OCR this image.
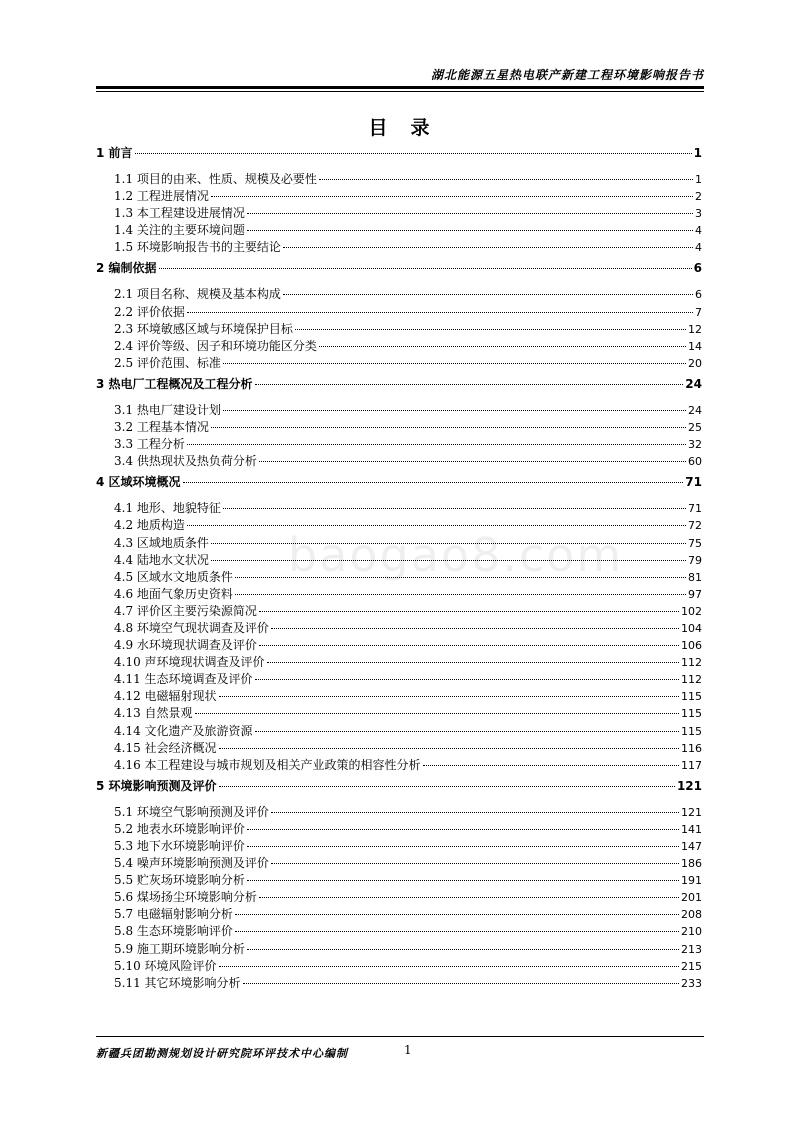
湖北能源五星热电联产新建工程环境影响报告书
目　录
baogao8.com
1 前言	1
1.1 项目的由来、性质、规模及必要性	1
1.2 工程进展情况	2
1.3 本工程建设进展情况	3
1.4 关注的主要环境问题	4
1.5 环境影响报告书的主要结论	4
2 编制依据	6
2.1 项目名称、规模及基本构成	6
2.2 评价依据	7
2.3 环境敏感区域与环境保护目标	12
2.4 评价等级、因子和环境功能区分类	14
2.5 评价范围、标准	20
3 热电厂工程概况及工程分析	24
3.1 热电厂建设计划	24
3.2 工程基本情况	25
3.3 工程分析	32
3.4 供热现状及热负荷分析	60
4 区域环境概况	71
4.1 地形、地貌特征	71
4.2 地质构造	72
4.3 区域地质条件	75
4.4 陆地水文状况	79
4.5 区域水文地质条件	81
4.6 地面气象历史资料	97
4.7 评价区主要污染源简况	102
4.8 环境空气现状调查及评价	104
4.9 水环境现状调查及评价	106
4.10 声环境现状调查及评价	112
4.11 生态环境调查及评价	112
4.12 电磁辐射现状	115
4.13 自然景观	115
4.14 文化遗产及旅游资源	115
4.15 社会经济概况	116
4.16 本工程建设与城市规划及相关产业政策的相容性分析	117
5 环境影响预测及评价	121
5.1 环境空气影响预测及评价	121
5.2 地表水环境影响评价	141
5.3 地下水环境影响评价	147
5.4 噪声环境影响预测及评价	186
5.5 贮灰场环境影响分析	191
5.6 煤场扬尘环境影响分析	201
5.7 电磁辐射影响分析	208
5.8 生态环境影响评价	210
5.9 施工期环境影响分析	213
5.10 环境风险评价	215
5.11 其它环境影响分析	233
新疆兵团勘测规划设计研究院环评技术中心编制	1
